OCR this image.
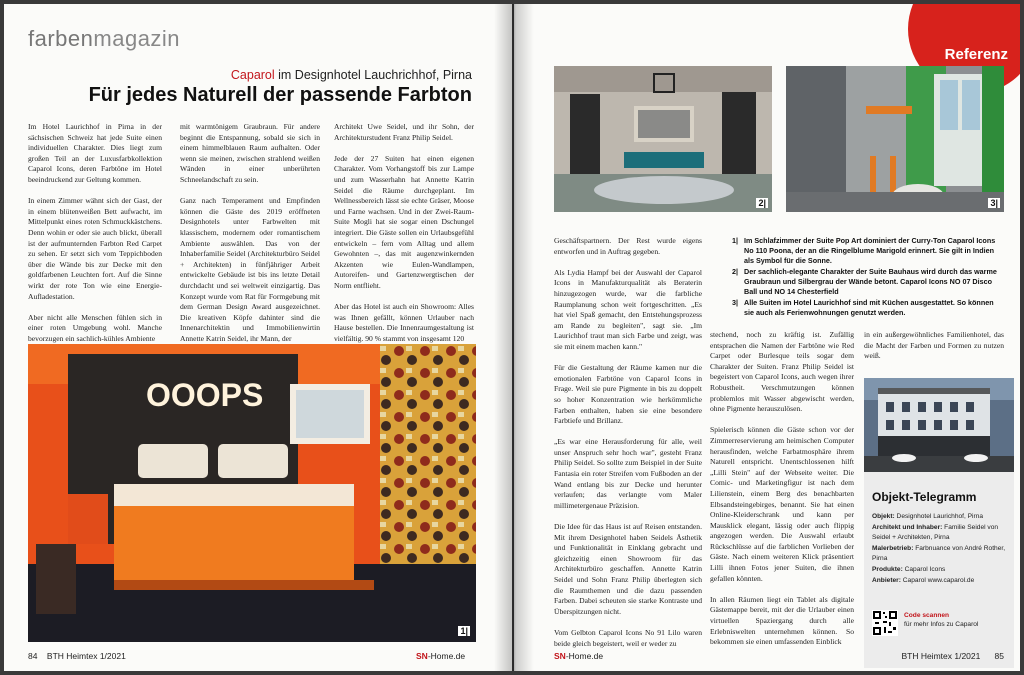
farbenmagazin
Caparol im Designhotel Lauchrichhof, Pirna
Für jedes Naturell der passende Farbton

Im Hotel Laurichhof in Pirna in der sächsischen Schweiz hat jede Suite einen individuellen Charakter. Dies liegt zum großen Teil an der Luxusfarbkollektion Caparol Icons, deren Farbtöne im Hotel beeindruckend zur Geltung kommen.

In einem Zimmer wähnt sich der Gast, der in einem blütenweißen Bett aufwacht, im Mittelpunkt eines roten Schmuckkästchens. Denn wohin er oder sie auch blickt, überall ist der aufmunternden Farbton Red Carpet zu sehen. Er setzt sich vom Teppichboden über die Wände bis zur Decke mit den goldfarbenen Leuchten fort. Auf die Sinne wirkt der rote Ton wie eine Energie-Aufladestation.

Aber nicht alle Menschen fühlen sich in einer roten Umgebung wohl. Manche bevorzugen ein sachlich-kühles Ambiente

mit warmtönigem Graubraun. Für andere beginnt die Entspannung, sobald sie sich in einem himmelblauen Raum aufhalten. Oder wenn sie meinen, zwischen strahlend weißen Wänden in einer unberührten Schneelandschaft zu sein.

Ganz nach Temperament und Empfinden können die Gäste des 2019 eröffneten Designhotels unter Farbwelten mit klassischem, modernem oder romantischem Ambiente auswählen. Das von der Inhaberfamilie Seidel (Architekturbüro Seidel + Architekten) in fünfjähriger Arbeit entwickelte Gebäude ist bis ins letzte Detail durchdacht und sei weltweit einzigartig. Das Konzept wurde vom Rat für Formgebung mit dem German Design Award ausgezeichnet. Die kreativen Köpfe dahinter sind die Innenarchitektin und Immobilienwirtin Annette Katrin Seidel, ihr Mann, der

Architekt Uwe Seidel, und ihr Sohn, der Architekturstudent Franz Philip Seidel.

Jede der 27 Suiten hat einen eigenen Charakter. Vom Vorhangstoff bis zur Lampe und zum Wasserhahn hat Annette Katrin Seidel die Räume durchgeplant. Im Wellnessbereich lässt sie echte Gräser, Moose und Farne wachsen. Und in der Zwei-Raum-Suite Mogli hat sie sogar einen Dschungel integriert. Die Gäste sollen ein Urlaubsgefühl entwickeln – fern vom Alltag und allem Gewohnten –, das mit augenzwinkernden Akzenten wie Eulen-Wandlampen, Autoreifen- und Gartenzwergtischen der Norm entflieht.

Aber das Hotel ist auch ein Showroom: Alles was Ihnen gefällt, können Urlauber nach Hause bestellen. Die Innenraumgestaltung ist vielfältig. 90 % stammt von insgesamt 120

OOOPS
1|
84 BTH Heimtex 1/2021	SN-Home.de
Referenz
2|	3|

Geschäftspartnern. Der Rest wurde eigens entworfen und in Auftrag gegeben.

Als Lydia Hampf bei der Auswahl der Caparol Icons in Manufakturqualität als Beraterin hinzugezogen wurde, war die farbliche Raumplanung schon weit fortgeschritten. „Es hat viel Spaß gemacht, den Entstehungsprozess am Rande zu begleiten", sagt sie. „Im Laurichhof traut man sich Farbe und zeigt, was sie mit einem machen kann."

Für die Gestaltung der Räume kamen nur die emotionalen Farbtöne von Caparol Icons in Frage. Weil sie pure Pigmente in bis zu doppelt so hoher Konzentration wie herkömmliche Farben enthalten, haben sie eine besondere Farbtiefe und Brillanz.

„Es war eine Herausforderung für alle, weil unser Anspruch sehr hoch war", gesteht Franz Philip Seidel. So sollte zum Beispiel in der Suite Fantasia ein roter Streifen vom Fußboden an der Wand entlang bis zur Decke und herunter verlaufen; das verlangte vom Maler millimetergenaue Präzision.

Die Idee für das Haus ist auf Reisen entstanden. Mit ihrem Designhotel haben Seidels Ästhetik und Funktionalität in Einklang gebracht und gleichzeitig einen Showroom für das Architekturbüro geschaffen. Annette Katrin Seidel und Sohn Franz Philip überlegten sich die Raumthemen und die dazu passenden Farben. Dabei scheuten sie starke Kontraste und Überspitzungen nicht.

Vom Gelbton Caparol Icons No 91 Lilo waren beide gleich begeistert, weil er weder zu

1| Im Schlafzimmer der Suite Pop Art dominiert der Curry-Ton Caparol Icons No 110 Poona, der an die Ringelblume Marigold erinnert. Sie gilt in Indien als Symbol für die Sonne.
2| Der sachlich-elegante Charakter der Suite Bauhaus wird durch das warme Graubraun und Silbergrau der Wände betont. Caparol Icons NO 07 Disco Ball und NO 14 Chesterfield
3| Alle Suiten im Hotel Laurichhof sind mit Küchen ausgestattet. So können sie auch als Ferienwohnungen genutzt werden.

stechend, noch zu kräftig ist. Zufällig entsprachen die Namen der Farbtöne wie Red Carpet oder Burlesque teils sogar dem Charakter der Suiten. Franz Philip Seidel ist begeistert von Caparol Icons, auch wegen ihrer Robustheit. Verschmutzungen können problemlos mit Wasser abgewischt werden, ohne Pigmente herauszulösen.

Spielerisch können die Gäste schon vor der Zimmerreservierung am heimischen Computer herausfinden, welche Farbatmosphäre ihrem Naturell entspricht. Unentschlossenen hilft „Lilli Stein" auf der Webseite weiter. Die Comic- und Marketingfigur ist nach dem Lilienstein, einem Berg des benachbarten Elbsandsteingebirges, benannt. Sie hat einen Online-Kleiderschrank und kann per Mausklick elegant, lässig oder auch flippig angezogen werden. Die Auswahl erlaubt Rückschlüsse auf die farblichen Vorlieben der Gäste. Nach einem weiteren Klick präsentiert Lilli ihnen Fotos jener Suiten, die ihnen gefallen könnten.

In allen Räumen liegt ein Tablet als digitale Gästemappe bereit, mit der die Urlauber einen virtuellen Spaziergang durch alle Erlebniswelten unternehmen können. So bekommen sie einen umfassenden Einblick

in ein außergewöhnliches Familienhotel, das die Macht der Farben und Formen zu nutzen weiß.

Objekt-Telegramm
Objekt: Designhotel Laurichhof, Pirna
Architekt und Inhaber: Familie Seidel von Seidel + Architekten, Pirna
Malerbetrieb: Farbnuance von André Rother, Pirna
Produkte: Caparol Icons
Anbieter: Caparol www.caparol.de
Code scannen
für mehr Infos zu Caparol
SN-Home.de	BTH Heimtex 1/2021 85
